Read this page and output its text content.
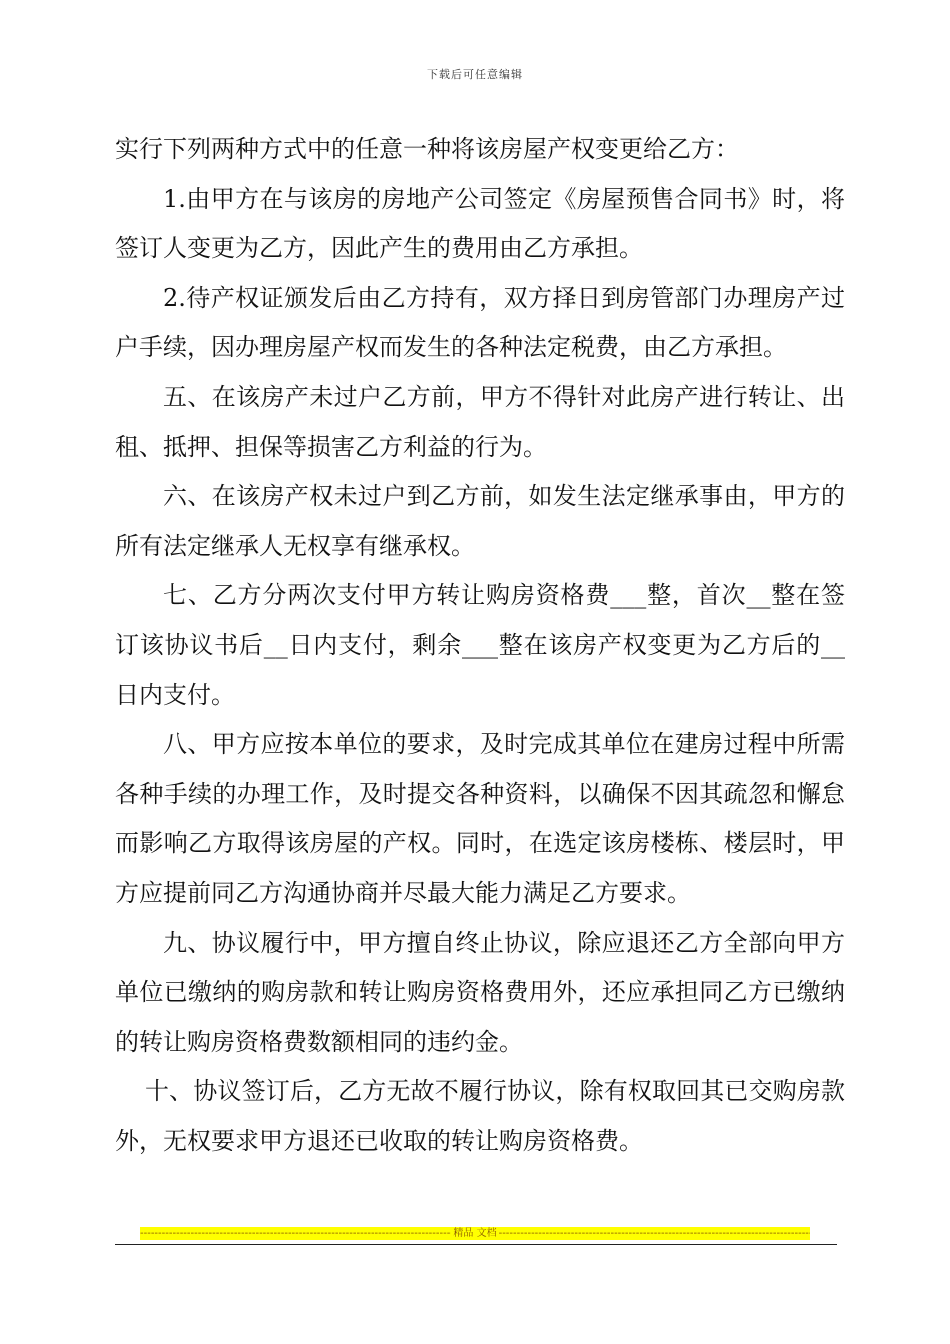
下载后可任意编辑

实行下列两种方式中的任意一种将该房屋产权变更给乙方：

1.由甲方在与该房的房地产公司签定《房屋预售合同书》时，将签订人变更为乙方，因此产生的费用由乙方承担。

2.待产权证颁发后由乙方持有，双方择日到房管部门办理房产过户手续，因办理房屋产权而发生的各种法定税费，由乙方承担。

五、在该房产未过户乙方前，甲方不得针对此房产进行转让、出租、抵押、担保等损害乙方利益的行为。

六、在该房产权未过户到乙方前，如发生法定继承事由，甲方的所有法定继承人无权享有继承权。

七、乙方分两次支付甲方转让购房资格费___整，首次__整在签订该协议书后__日内支付，剩余___整在该房产权变更为乙方后的__日内支付。

八、甲方应按本单位的要求，及时完成其单位在建房过程中所需各种手续的办理工作，及时提交各种资料，以确保不因其疏忽和懈怠而影响乙方取得该房屋的产权。同时，在选定该房楼栋、楼层时，甲方应提前同乙方沟通协商并尽最大能力满足乙方要求。

九、协议履行中，甲方擅自终止协议，除应退还乙方全部向甲方单位已缴纳的购房款和转让购房资格费用外，还应承担同乙方已缴纳的转让购房资格费数额相同的违约金。

十、协议签订后，乙方无故不履行协议，除有权取回其已交购房款外，无权要求甲方退还已收取的转让购房资格费。

-----
精品 文档
-----
